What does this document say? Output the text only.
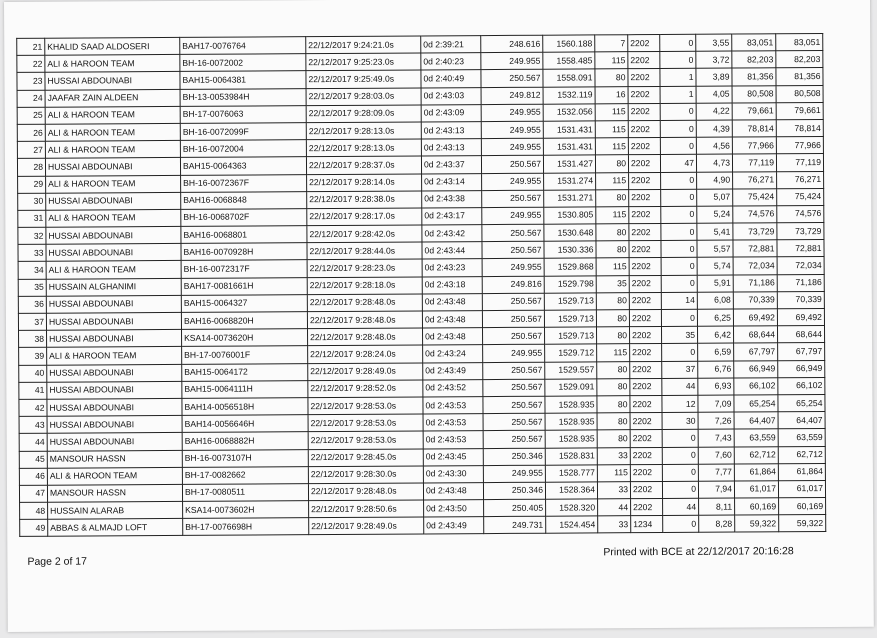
21	KHALID SAAD ALDOSERI	BAH17-0076764	22/12/2017 9:24:21.0s	0d 2:39:21	248.616	1560.188	7	2202	0	3,55	83,051	83,051
22	ALI & HAROON TEAM	BH-16-0072002	22/12/2017 9:25:23.0s	0d 2:40:23	249.955	1558.485	115	2202	0	3,72	82,203	82,203
23	HUSSAI ABDOUNABI	BAH15-0064381	22/12/2017 9:25:49.0s	0d 2:40:49	250.567	1558.091	80	2202	1	3,89	81,356	81,356
24	JAAFAR ZAIN ALDEEN	BH-13-0053984H	22/12/2017 9:28:03.0s	0d 2:43:03	249.812	1532.119	16	2202	1	4,05	80,508	80,508
25	ALI & HAROON TEAM	BH-17-0076063	22/12/2017 9:28:09.0s	0d 2:43:09	249.955	1532.056	115	2202	0	4,22	79,661	79,661
26	ALI & HAROON TEAM	BH-16-0072099F	22/12/2017 9:28:13.0s	0d 2:43:13	249.955	1531.431	115	2202	0	4,39	78,814	78,814
27	ALI & HAROON TEAM	BH-16-0072004	22/12/2017 9:28:13.0s	0d 2:43:13	249.955	1531.431	115	2202	0	4,56	77,966	77,966
28	HUSSAI ABDOUNABI	BAH15-0064363	22/12/2017 9:28:37.0s	0d 2:43:37	250.567	1531.427	80	2202	47	4,73	77,119	77,119
29	ALI & HAROON TEAM	BH-16-0072367F	22/12/2017 9:28:14.0s	0d 2:43:14	249.955	1531.274	115	2202	0	4,90	76,271	76,271
30	HUSSAI ABDOUNABI	BAH16-0068848	22/12/2017 9:28:38.0s	0d 2:43:38	250.567	1531.271	80	2202	0	5,07	75,424	75,424
31	ALI & HAROON TEAM	BH-16-0068702F	22/12/2017 9:28:17.0s	0d 2:43:17	249.955	1530.805	115	2202	0	5,24	74,576	74,576
32	HUSSAI ABDOUNABI	BAH16-0068801	22/12/2017 9:28:42.0s	0d 2:43:42	250.567	1530.648	80	2202	0	5,41	73,729	73,729
33	HUSSAI ABDOUNABI	BAH16-0070928H	22/12/2017 9:28:44.0s	0d 2:43:44	250.567	1530.336	80	2202	0	5,57	72,881	72,881
34	ALI & HAROON TEAM	BH-16-0072317F	22/12/2017 9:28:23.0s	0d 2:43:23	249.955	1529.868	115	2202	0	5,74	72,034	72,034
35	HUSSAIN ALGHANIMI	BAH17-0081661H	22/12/2017 9:28:18.0s	0d 2:43:18	249.816	1529.798	35	2202	0	5,91	71,186	71,186
36	HUSSAI ABDOUNABI	BAH15-0064327	22/12/2017 9:28:48.0s	0d 2:43:48	250.567	1529.713	80	2202	14	6,08	70,339	70,339
37	HUSSAI ABDOUNABI	BAH16-0068820H	22/12/2017 9:28:48.0s	0d 2:43:48	250.567	1529.713	80	2202	0	6,25	69,492	69,492
38	HUSSAI ABDOUNABI	KSA14-0073620H	22/12/2017 9:28:48.0s	0d 2:43:48	250.567	1529.713	80	2202	35	6,42	68,644	68,644
39	ALI & HAROON TEAM	BH-17-0076001F	22/12/2017 9:28:24.0s	0d 2:43:24	249.955	1529.712	115	2202	0	6,59	67,797	67,797
40	HUSSAI ABDOUNABI	BAH15-0064172	22/12/2017 9:28:49.0s	0d 2:43:49	250.567	1529.557	80	2202	37	6,76	66,949	66,949
41	HUSSAI ABDOUNABI	BAH15-0064111H	22/12/2017 9:28:52.0s	0d 2:43:52	250.567	1529.091	80	2202	44	6,93	66,102	66,102
42	HUSSAI ABDOUNABI	BAH14-0056518H	22/12/2017 9:28:53.0s	0d 2:43:53	250.567	1528.935	80	2202	12	7,09	65,254	65,254
43	HUSSAI ABDOUNABI	BAH14-0056646H	22/12/2017 9:28:53.0s	0d 2:43:53	250.567	1528.935	80	2202	30	7,26	64,407	64,407
44	HUSSAI ABDOUNABI	BAH16-0068882H	22/12/2017 9:28:53.0s	0d 2:43:53	250.567	1528.935	80	2202	0	7,43	63,559	63,559
45	MANSOUR HASSN	BH-16-0073107H	22/12/2017 9:28:45.0s	0d 2:43:45	250.346	1528.831	33	2202	0	7,60	62,712	62,712
46	ALI & HAROON TEAM	BH-17-0082662	22/12/2017 9:28:30.0s	0d 2:43:30	249.955	1528.777	115	2202	0	7,77	61,864	61,864
47	MANSOUR HASSN	BH-17-0080511	22/12/2017 9:28:48.0s	0d 2:43:48	250.346	1528.364	33	2202	0	7,94	61,017	61,017
48	HUSSAIN ALARAB	KSA14-0073602H	22/12/2017 9:28:50.6s	0d 2:43:50	250.405	1528.320	44	2202	44	8,11	60,169	60,169
49	ABBAS & ALMAJD LOFT	BH-17-0076698H	22/12/2017 9:28:49.0s	0d 2:43:49	249.731	1524.454	33	1234	0	8,28	59,322	59,322
Page 2 of 17
Printed with BCE at 22/12/2017 20:16:28
